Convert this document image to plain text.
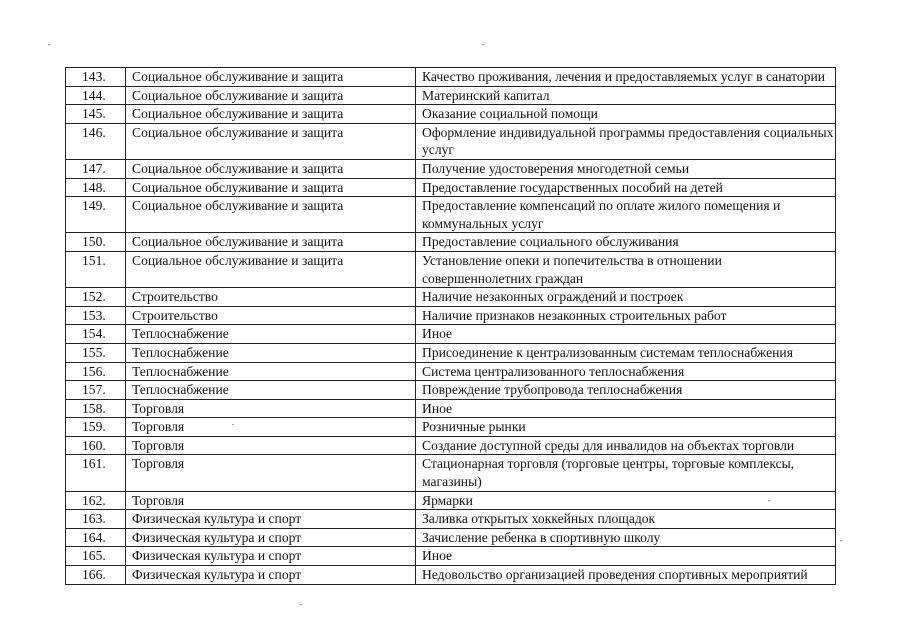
143.	Социальное обслуживание и защита	Качество проживания, лечения и предоставляемых услуг в санатории
144.	Социальное обслуживание и защита	Материнский капитал
145.	Социальное обслуживание и защита	Оказание социальной помощи
146.	Социальное обслуживание и защита	Оформление индивидуальной программы предоставления социальных услуг
147.	Социальное обслуживание и защита	Получение удостоверения многодетной семьи
148.	Социальное обслуживание и защита	Предоставление государственных пособий на детей
149.	Социальное обслуживание и защита	Предоставление компенсаций по оплате жилого помещения и коммунальных услуг
150.	Социальное обслуживание и защита	Предоставление социального обслуживания
151.	Социальное обслуживание и защита	Установление опеки и попечительства в отношении совершеннолетних граждан
152.	Строительство	Наличие незаконных ограждений и построек
153.	Строительство	Наличие признаков незаконных строительных работ
154.	Теплоснабжение	Иное
155.	Теплоснабжение	Присоединение к централизованным системам теплоснабжения
156.	Теплоснабжение	Система централизованного теплоснабжения
157.	Теплоснабжение	Повреждение трубопровода теплоснабжения
158.	Торговля	Иное
159.	Торговля	Розничные рынки
160.	Торговля	Создание доступной среды для инвалидов на объектах торговли
161.	Торговля	Стационарная торговля (торговые центры, торговые комплексы, магазины)
162.	Торговля	Ярмарки
163.	Физическая культура и спорт	Заливка открытых хоккейных площадок
164.	Физическая культура и спорт	Зачисление ребенка в спортивную школу
165.	Физическая культура и спорт	Иное
166.	Физическая культура и спорт	Недовольство организацией проведения спортивных мероприятий
